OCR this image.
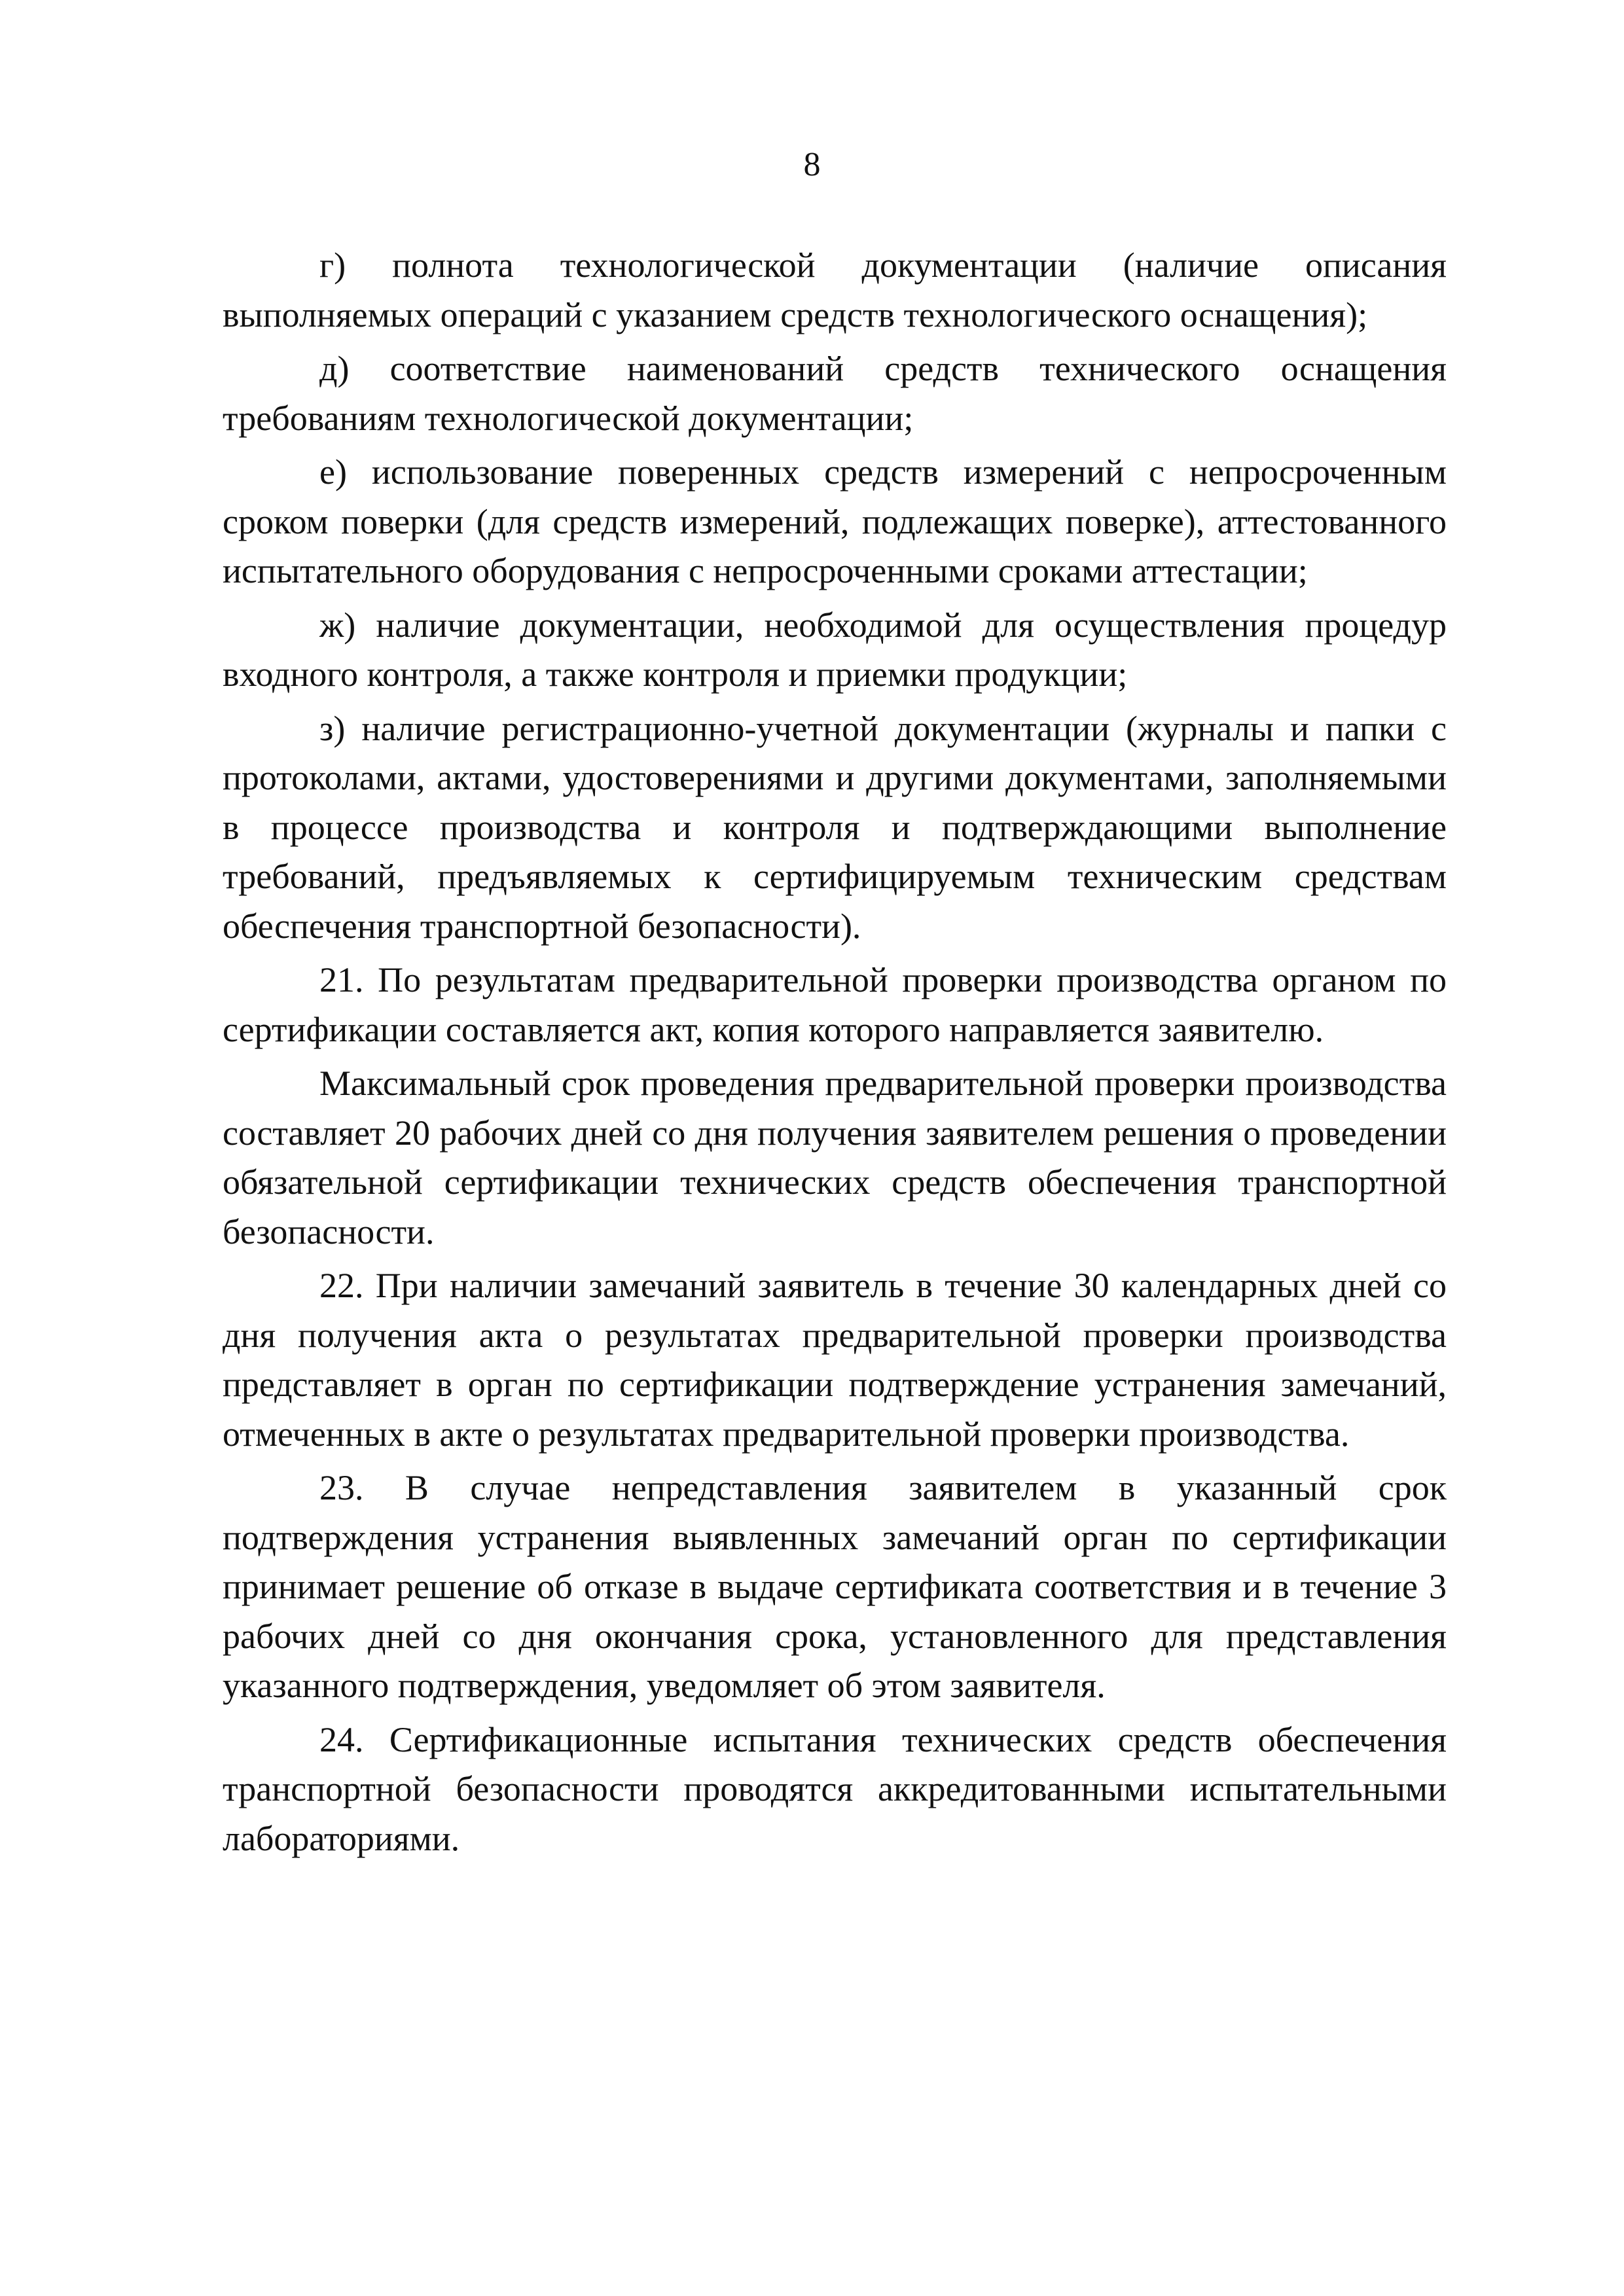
8

г) полнота технологической документации (наличие описания выполняемых операций с указанием средств технологического оснащения);

д) соответствие наименований средств технического оснащения требованиям технологической документации;

е) использование поверенных средств измерений с непросроченным сроком поверки (для средств измерений, подлежащих поверке), аттестованного испытательного оборудования с непросроченными сроками аттестации;

ж) наличие документации, необходимой для осуществления процедур входного контроля, а также контроля и приемки продукции;

з) наличие регистрационно-учетной документации (журналы и папки с протоколами, актами, удостоверениями и другими документами, заполняемыми в процессе производства и контроля и подтверждающими выполнение требований, предъявляемых к сертифицируемым техническим средствам обеспечения транспортной безопасности).

21. По результатам предварительной проверки производства органом по сертификации составляется акт, копия которого направляется заявителю.

Максимальный срок проведения предварительной проверки производства составляет 20 рабочих дней со дня получения заявителем решения о проведении обязательной сертификации технических средств обеспечения транспортной безопасности.

22. При наличии замечаний заявитель в течение 30 календарных дней со дня получения акта о результатах предварительной проверки производства представляет в орган по сертификации подтверждение устранения замечаний, отмеченных в акте о результатах предварительной проверки производства.

23. В случае непредставления заявителем в указанный срок подтверждения устранения выявленных замечаний орган по сертификации принимает решение об отказе в выдаче сертификата соответствия и в течение 3 рабочих дней со дня окончания срока, установленного для представления указанного подтверждения, уведомляет об этом заявителя.

24. Сертификационные испытания технических средств обеспечения транспортной безопасности проводятся аккредитованными испытательными лабораториями.
